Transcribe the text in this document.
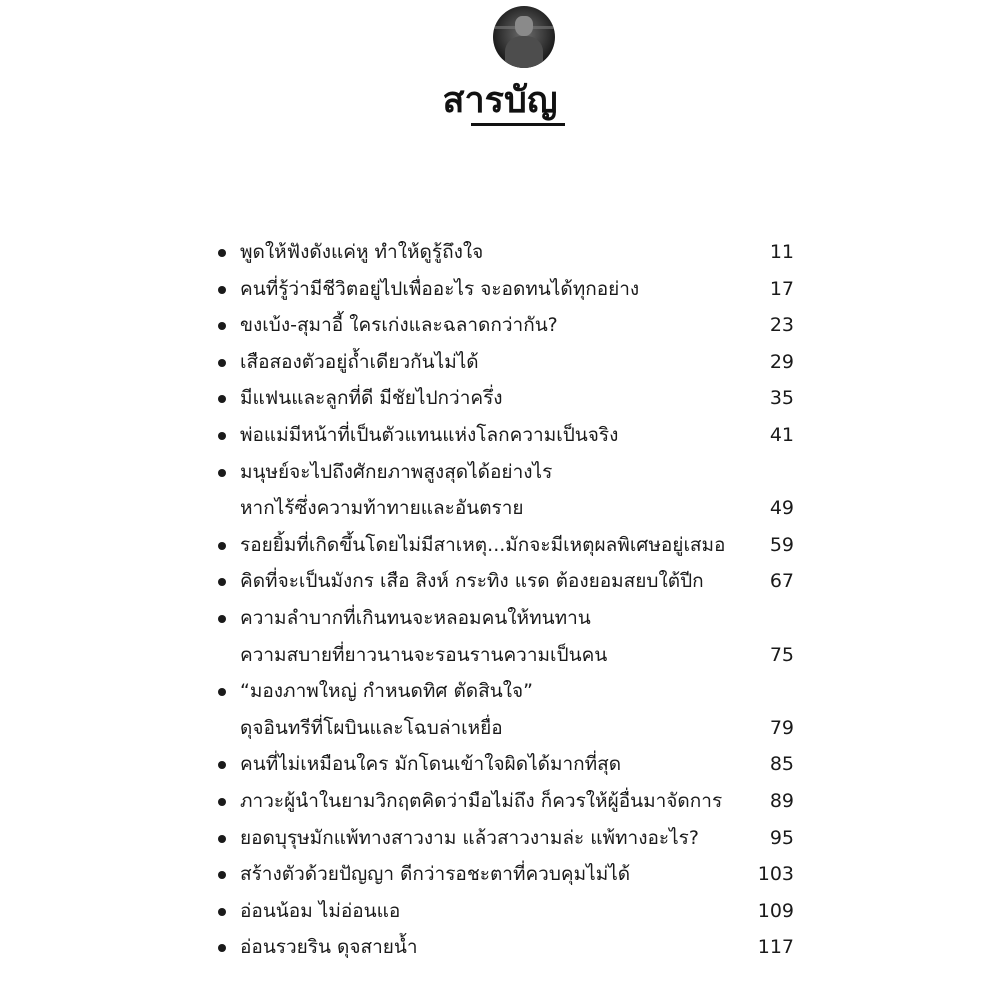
สารบัญ
พูดให้ฟังดังแค่หู ทำให้ดูรู้ถึงใจ	11
คนที่รู้ว่ามีชีวิตอยู่ไปเพื่ออะไร จะอดทนได้ทุกอย่าง	17
ขงเบ้ง-สุมาอี้ ใครเก่งและฉลาดกว่ากัน?	23
เสือสองตัวอยู่ถ้ำเดียวกันไม่ได้	29
มีแฟนและลูกที่ดี มีชัยไปกว่าครึ่ง	35
พ่อแม่มีหน้าที่เป็นตัวแทนแห่งโลกความเป็นจริง	41
มนุษย์จะไปถึงศักยภาพสูงสุดได้อย่างไร
หากไร้ซึ่งความท้าทายและอันตราย	49
รอยยิ้มที่เกิดขึ้นโดยไม่มีสาเหตุ...มักจะมีเหตุผลพิเศษอยู่เสมอ 59
คิดที่จะเป็นมังกร เสือ สิงห์ กระทิง แรด ต้องยอมสยบใต้ปีก	67
ความลำบากที่เกินทนจะหลอมคนให้ทนทาน
ความสบายที่ยาวนานจะรอนรานความเป็นคน	75
“มองภาพใหญ่ กำหนดทิศ ตัดสินใจ”
ดุจอินทรีที่โผบินและโฉบล่าเหยื่อ	79
คนที่ไม่เหมือนใคร มักโดนเข้าใจผิดได้มากที่สุด	85
ภาวะผู้นำในยามวิกฤตคิดว่ามือไม่ถึง ก็ควรให้ผู้อื่นมาจัดการ	89
ยอดบุรุษมักแพ้ทางสาวงาม แล้วสาวงามล่ะ แพ้ทางอะไร?	95
สร้างตัวด้วยปัญญา ดีกว่ารอชะตาที่ควบคุมไม่ได้	103
อ่อนน้อม ไม่อ่อนแอ	109
อ่อนรวยริน ดุจสายน้ำ	117
